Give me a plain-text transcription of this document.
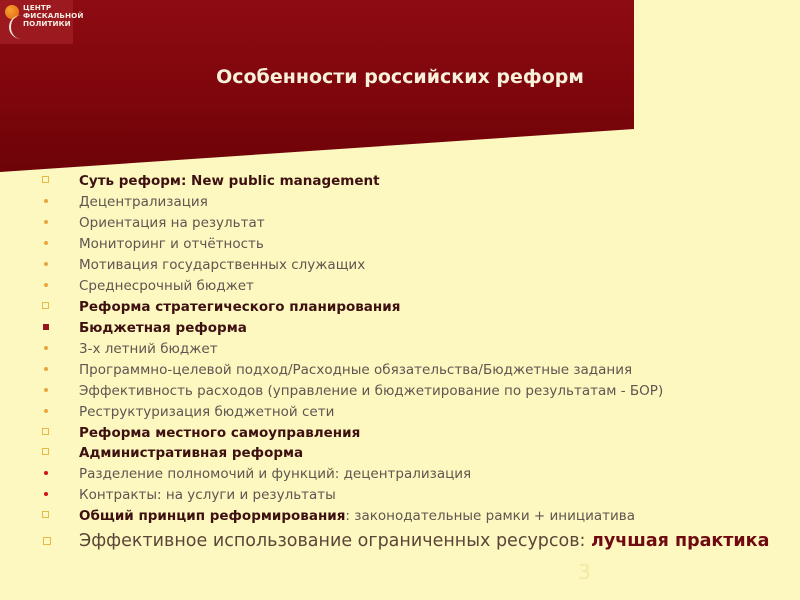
ЦЕНТР
ФИСКАЛЬНОЙ
ПОЛИТИКИ
Особенности российских реформ
Суть реформ: New public management
Децентрализация
Ориентация на результат
Мониторинг и отчётность
Мотивация государственных служащих
Среднесрочный бюджет
Реформа стратегического планирования
Бюджетная реформа
3-х летний бюджет
Программно-целевой подход/Расходные обязательства/Бюджетные задания
Эффективность расходов (управление и бюджетирование по результатам - БОР)
Реструктуризация бюджетной сети
Реформа местного самоуправления
Административная реформа
Разделение полномочий и функций: децентрализация
Контракты: на услуги и результаты
Общий принцип реформирования: законодательные рамки + инициатива
Эффективное использование ограниченных ресурсов: лучшая практика
3
